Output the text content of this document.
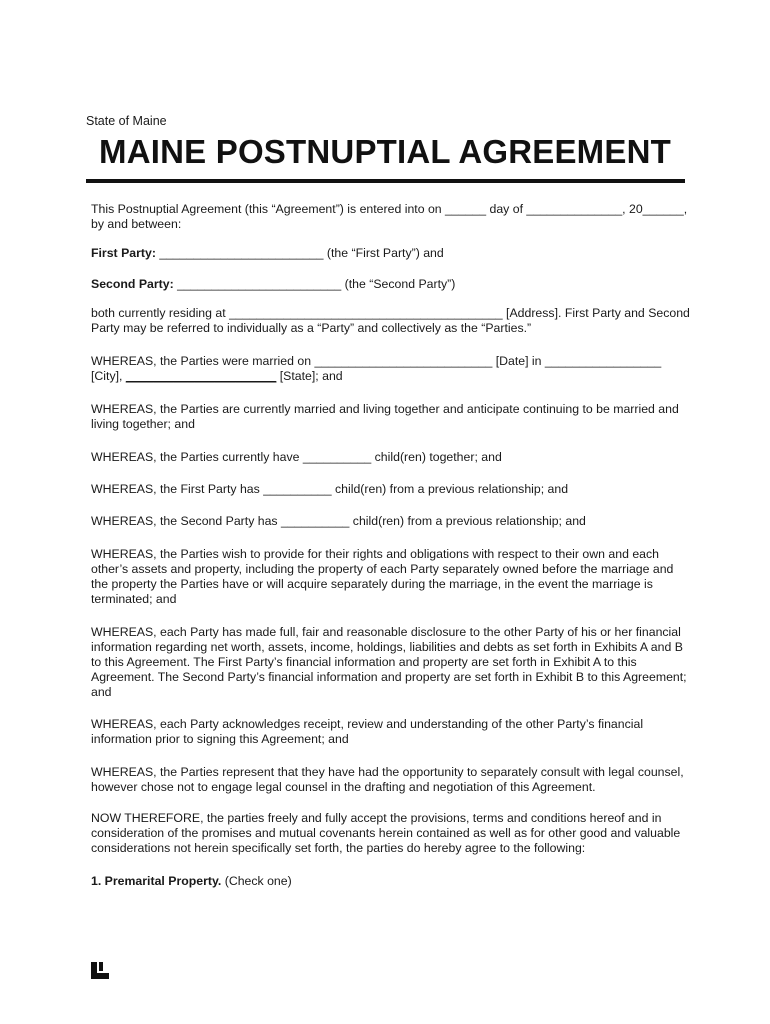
State of Maine
MAINE POSTNUPTIAL AGREEMENT

This Postnuptial Agreement (this “Agreement”) is entered into on ______ day of ______________, 20______, by and between:

First Party: ________________________ (the “First Party”) and

Second Party: ________________________ (the “Second Party”)

both currently residing at ________________________________________ [Address]. First Party and Second Party may be referred to individually as a “Party” and collectively as the “Parties.”

WHEREAS, the Parties were married on __________________________ [Date] in _________________
[City], ______________________ [State]; and

WHEREAS, the Parties are currently married and living together and anticipate continuing to be married and living together; and

WHEREAS, the Parties currently have __________ child(ren) together; and

WHEREAS, the First Party has __________ child(ren) from a previous relationship; and

WHEREAS, the Second Party has __________ child(ren) from a previous relationship; and

WHEREAS, the Parties wish to provide for their rights and obligations with respect to their own and each other’s assets and property, including the property of each Party separately owned before the marriage and the property the Parties have or will acquire separately during the marriage, in the event the marriage is terminated; and

WHEREAS, each Party has made full, fair and reasonable disclosure to the other Party of his or her financial information regarding net worth, assets, income, holdings, liabilities and debts as set forth in Exhibits A and B to this Agreement. The First Party’s financial information and property are set forth in Exhibit A to this Agreement. The Second Party’s financial information and property are set forth in Exhibit B to this Agreement; and

WHEREAS, each Party acknowledges receipt, review and understanding of the other Party’s financial information prior to signing this Agreement; and

WHEREAS, the Parties represent that they have had the opportunity to separately consult with legal counsel, however chose not to engage legal counsel in the drafting and negotiation of this Agreement.

NOW THEREFORE, the parties freely and fully accept the provisions, terms and conditions hereof and in consideration of the promises and mutual covenants herein contained as well as for other good and valuable considerations not herein specifically set forth, the parties do hereby agree to the following:

1. Premarital Property. (Check one)
